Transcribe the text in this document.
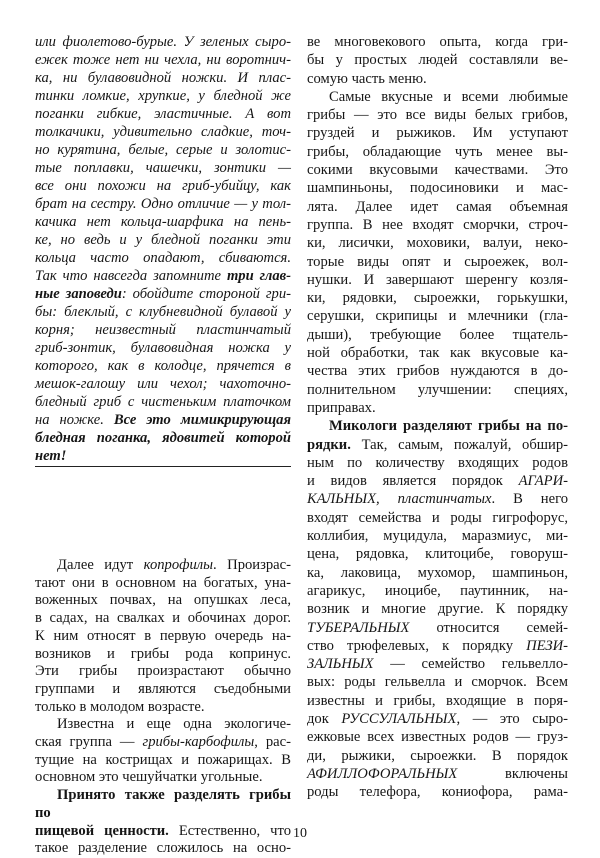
или фиолетово-бурые. У зеленых сыро-
ежек тоже нет ни чехла, ни воротнич-
ка, ни булавовидной ножки. И плас-
тинки ломкие, хрупкие, у бледной же
поганки гибкие, эластичные. А вот
толкачики, удивительно сладкие, точ-
но курятина, белые, серые и золотис-
тые поплавки, чашечки, зонтики —
все они похожи на гриб-убийцу, как
брат на сестру. Одно отличие — у тол-
качика нет кольца-шарфика на пень-
ке, но ведь и у бледной поганки эти
кольца часто опадают, сбиваются.
Так что навсегда запомните три глав-
ные заповеди: обойдите стороной гри-
бы: блеклый, с клубневидной булавой у
корня; неизвестный пластинчатый
гриб-зонтик, булавовидная ножка у
которого, как в колодце, прячется в
мешок-галошу или чехол; чахоточно-
бледный гриб с чистеньким платочком
на ножке. Все это мимикрирующая
бледная поганка, ядовитей которой
нет!
Далее идут копрофилы. Произрас-
тают они в основном на богатых, уна-
воженных почвах, на опушках леса,
в садах, на свалках и обочинах дорог.
К ним относят в первую очередь на-
возников и грибы рода копринус.
Эти грибы произрастают обычно
группами и являются съедобными
только в молодом возрасте.
Известна и еще одна экологиче-
ская группа — грибы-карбофилы, рас-
тущие на кострищах и пожарищах. В
основном это чешуйчатки угольные.
Принято также разделять грибы по
пищевой ценности. Естественно, что
такое разделение сложилось на осно-
ве многовекового опыта, когда гри-
бы у простых людей составляли ве-
сомую часть меню.
Самые вкусные и всеми любимые
грибы — это все виды белых грибов,
груздей и рыжиков. Им уступают
грибы, обладающие чуть менее вы-
сокими вкусовыми качествами. Это
шампиньоны, подосиновики и мас-
лята. Далее идет самая объемная
группа. В нее входят сморчки, строч-
ки, лисички, моховики, валуи, неко-
торые виды опят и сыроежек, вол-
нушки. И завершают шеренгу козля-
ки, рядовки, сыроежки, горькушки,
серушки, скрипицы и млечники (гла-
дыши), требующие более тщатель-
ной обработки, так как вкусовые ка-
чества этих грибов нуждаются в до-
полнительном улучшении: специях,
приправах.
Микологи разделяют грибы на по-
рядки. Так, самым, пожалуй, обшир-
ным по количеству входящих родов
и видов является порядок АГАРИ-
КАЛЬНЫХ, пластинчатых. В него
входят семейства и роды гигрофорус,
коллибия, муцидула, маразмиус, ми-
цена, рядовка, клитоцибе, говоруш-
ка, лаковица, мухомор, шампиньон,
агарикус, иноцибе, паутинник, на-
возник и многие другие. К порядку
ТУБЕРАЛЬНЫХ относится семей-
ство трюфелевых, к порядку ПЕЗИ-
ЗАЛЬНЫХ — семейство гельвелло-
вых: роды гельвелла и сморчок. Всем
известны и грибы, входящие в поря-
док РУССУЛАЛЬНЫХ, — это сыро-
ежковые всех известных родов — груз-
ди, рыжики, сыроежки. В порядок
АФИЛЛОФОРАЛЬНЫХ включены
роды телефора, кониофора, рама-
10
